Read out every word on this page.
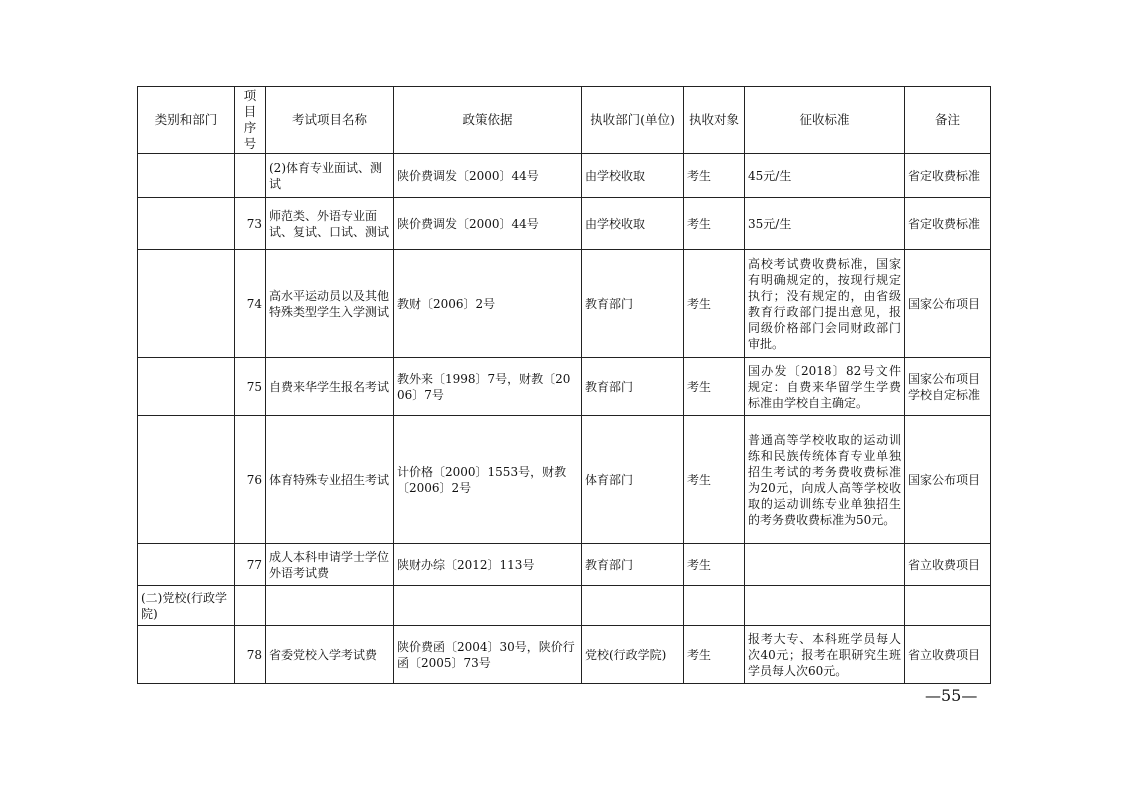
类别和部门	项目序号	考试项目名称	政策依据	执收部门(单位)	执收对象	征收标准	备注
		(2)体育专业面试、测试	陕价费调发〔2000〕44号	由学校收取	考生	45元/生	省定收费标准
	73	师范类、外语专业面试、复试、口试、测试	陕价费调发〔2000〕44号	由学校收取	考生	35元/生	省定收费标准
	74	高水平运动员以及其他特殊类型学生入学测试	教财〔2006〕2号	教育部门	考生	高校考试费收费标准，国家有明确规定的，按现行规定执行；没有规定的，由省级教育行政部门提出意见，报同级价格部门会同财政部门审批。	国家公布项目
	75	自费来华学生报名考试	教外来〔1998〕7号，财教〔2006〕7号	教育部门	考生	国办发〔2018〕82号文件规定：自费来华留学生学费标准由学校自主确定。	国家公布项目学校自定标准
	76	体育特殊专业招生考试	计价格〔2000〕1553号，财教〔2006〕2号	体育部门	考生	普通高等学校收取的运动训练和民族传统体育专业单独招生考试的考务费收费标准为20元，向成人高等学校收取的运动训练专业单独招生的考务费收费标准为50元。	国家公布项目
	77	成人本科申请学士学位外语考试费	陕财办综〔2012〕113号	教育部门	考生		省立收费项目
(二)党校(行政学院)							
	78	省委党校入学考试费	陕价费函〔2004〕30号，陕价行函〔2005〕73号	党校(行政学院)	考生	报考大专、本科班学员每人次40元；报考在职研究生班学员每人次60元。	省立收费项目
—55—
